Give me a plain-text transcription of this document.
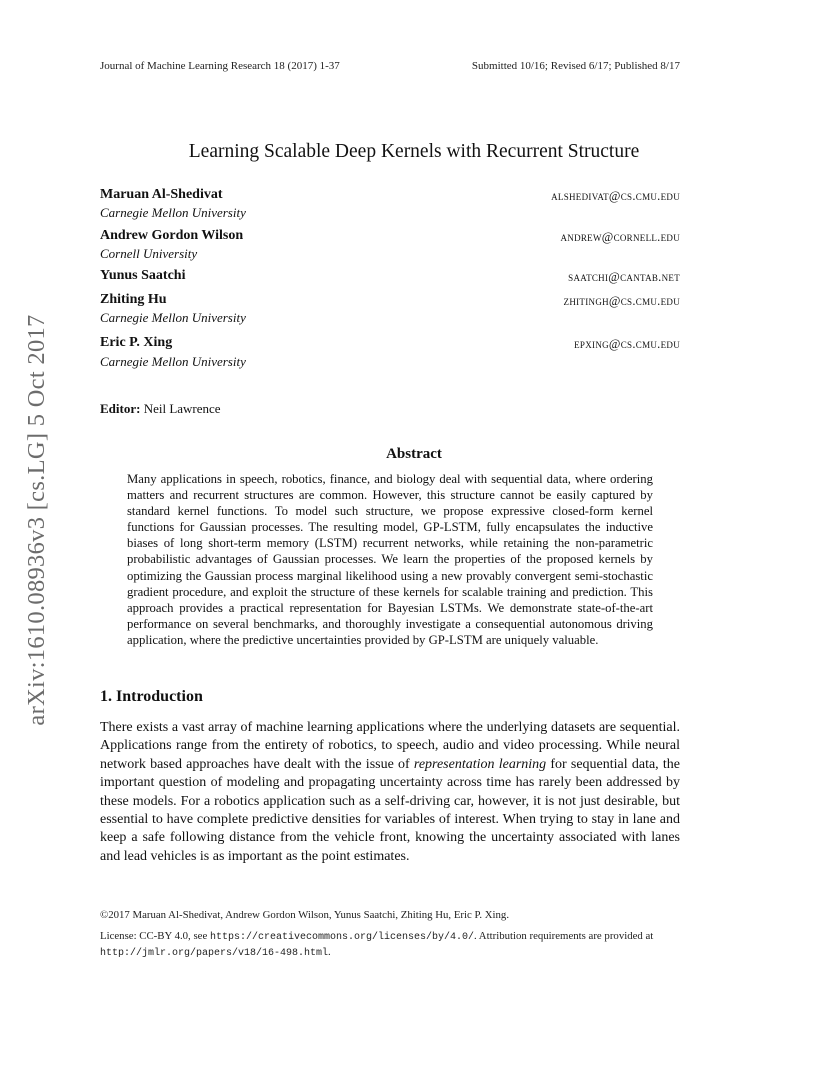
Journal of Machine Learning Research 18 (2017) 1-37	Submitted 10/16; Revised 6/17; Published 8/17
Learning Scalable Deep Kernels with Recurrent Structure
Maruan Al-Shedivat
Carnegie Mellon University
alshedivat@cs.cmu.edu
Andrew Gordon Wilson
Cornell University
andrew@cornell.edu
Yunus Saatchi	saatchi@cantab.net
Zhiting Hu
Carnegie Mellon University
zhitingh@cs.cmu.edu
Eric P. Xing
Carnegie Mellon University
epxing@cs.cmu.edu
Editor: Neil Lawrence
Abstract
Many applications in speech, robotics, finance, and biology deal with sequential data, where ordering matters and recurrent structures are common. However, this structure cannot be easily captured by standard kernel functions. To model such structure, we propose expressive closed-form kernel functions for Gaussian processes. The resulting model, GP-LSTM, fully encapsulates the inductive biases of long short-term memory (LSTM) recurrent networks, while retaining the non-parametric probabilistic advantages of Gaussian processes. We learn the properties of the proposed kernels by optimizing the Gaussian process marginal likelihood using a new provably convergent semi-stochastic gradient procedure, and exploit the structure of these kernels for scalable training and prediction. This approach provides a practical representation for Bayesian LSTMs. We demonstrate state-of-the-art performance on several benchmarks, and thoroughly investigate a consequential autonomous driving application, where the predictive uncertainties provided by GP-LSTM are uniquely valuable.
1. Introduction
There exists a vast array of machine learning applications where the underlying datasets are sequential. Applications range from the entirety of robotics, to speech, audio and video processing. While neural network based approaches have dealt with the issue of representation learning for sequential data, the important question of modeling and propagating uncertainty across time has rarely been addressed by these models. For a robotics application such as a self-driving car, however, it is not just desirable, but essential to have complete predictive densities for variables of interest. When trying to stay in lane and keep a safe following distance from the vehicle front, knowing the uncertainty associated with lanes and lead vehicles is as important as the point estimates.
©2017 Maruan Al-Shedivat, Andrew Gordon Wilson, Yunus Saatchi, Zhiting Hu, Eric P. Xing.
License: CC-BY 4.0, see https://creativecommons.org/licenses/by/4.0/. Attribution requirements are provided at http://jmlr.org/papers/v18/16-498.html.
arXiv:1610.08936v3 [cs.LG] 5 Oct 2017
